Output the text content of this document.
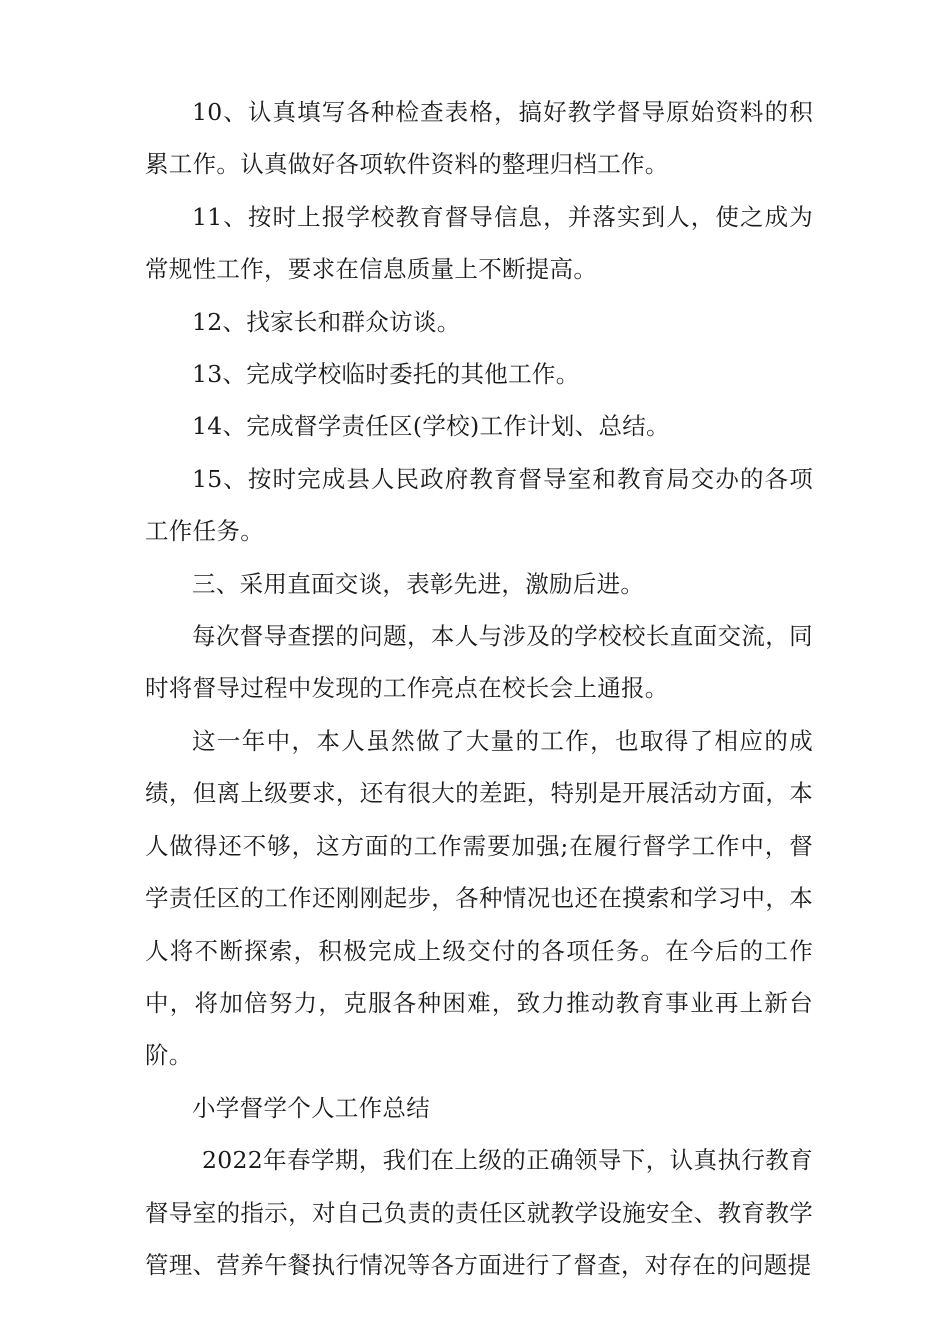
10、认真填写各种检查表格，搞好教学督导原始资料的积累工作。认真做好各项软件资料的整理归档工作。

11、按时上报学校教育督导信息，并落实到人，使之成为常规性工作，要求在信息质量上不断提高。

12、找家长和群众访谈。

13、完成学校临时委托的其他工作。

14、完成督学责任区(学校)工作计划、总结。

15、按时完成县人民政府教育督导室和教育局交办的各项工作任务。

三、采用直面交谈，表彰先进，激励后进。

每次督导查摆的问题，本人与涉及的学校校长直面交流，同时将督导过程中发现的工作亮点在校长会上通报。

这一年中，本人虽然做了大量的工作，也取得了相应的成绩，但离上级要求，还有很大的差距，特别是开展活动方面，本人做得还不够，这方面的工作需要加强;在履行督学工作中，督学责任区的工作还刚刚起步，各种情况也还在摸索和学习中，本人将不断探索，积极完成上级交付的各项任务。在今后的工作中，将加倍努力，克服各种困难，致力推动教育事业再上新台阶。

小学督学个人工作总结

2022年春学期，我们在上级的正确领导下，认真执行教育督导室的指示，对自己负责的责任区就教学设施安全、教育教学管理、营养午餐执行情况等各方面进行了督查，对存在的问题提
